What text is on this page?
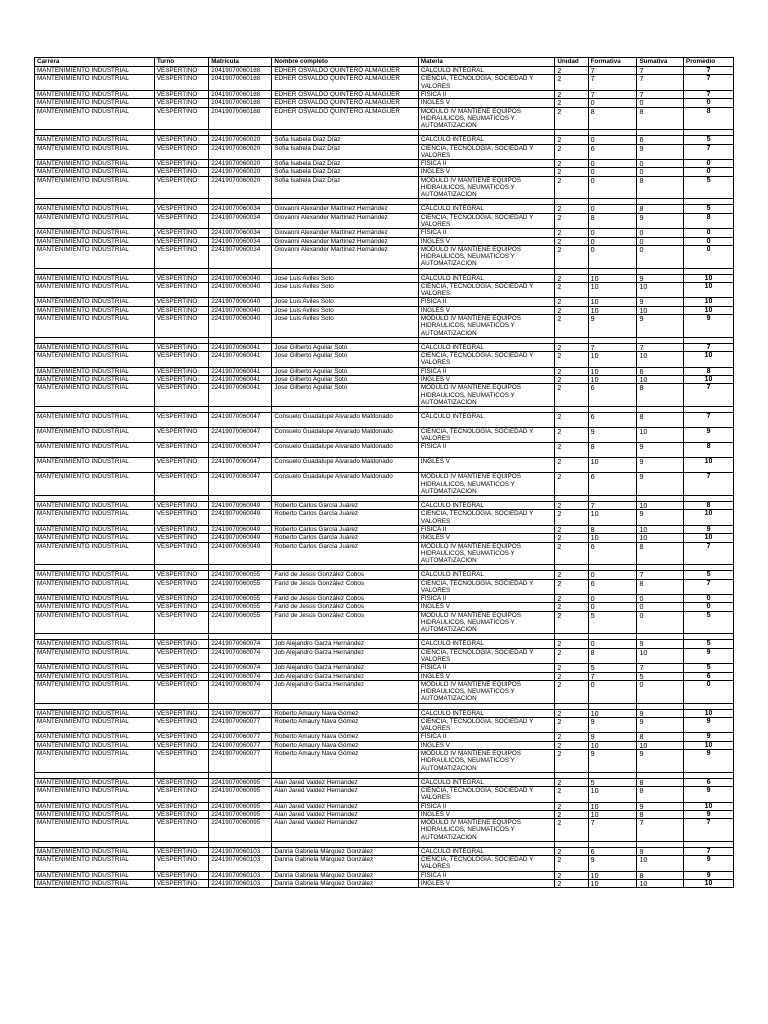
Carrera	Turno	Matrícula	Nombre completo	Materia	Unidad	Formativa	Sumativa	Promedio
MANTENIMIENTO INDUSTRIAL	VESPERTINO	20419070060188	EDHER OSVALDO QUINTERO ALMAGUER	CÁLCULO INTEGRAL	2	7	7	7
MANTENIMIENTO INDUSTRIAL	VESPERTINO	20419070060188	EDHER OSVALDO QUINTERO ALMAGUER	CIENCIA, TECNOLOGÍA, SOCIEDAD Y VALORES	2	7	7	7
MANTENIMIENTO INDUSTRIAL	VESPERTINO	20419070060188	EDHER OSVALDO QUINTERO ALMAGUER	FÍSICA II	2	7	7	7
MANTENIMIENTO INDUSTRIAL	VESPERTINO	20419070060188	EDHER OSVALDO QUINTERO ALMAGUER	INGLÉS V	2	0	0	0
MANTENIMIENTO INDUSTRIAL	VESPERTINO	20419070060188	EDHER OSVALDO QUINTERO ALMAGUER	MODULO IV MANTIENE EQUIPOS HIDRAULICOS, NEUMATICOS Y AUTOMATIZACION	2	8	8	8

MANTENIMIENTO INDUSTRIAL	VESPERTINO	22419070060020	Sofia Isabela Díaz Díaz	CÁLCULO INTEGRAL	2	0	6	5
MANTENIMIENTO INDUSTRIAL	VESPERTINO	22419070060020	Sofia Isabela Díaz Díaz	CIENCIA, TECNOLOGÍA, SOCIEDAD Y VALORES	2	6	9	7
MANTENIMIENTO INDUSTRIAL	VESPERTINO	22419070060020	Sofia Isabela Díaz Díaz	FÍSICA II	2	0	0	0
MANTENIMIENTO INDUSTRIAL	VESPERTINO	22419070060020	Sofia Isabela Díaz Díaz	INGLÉS V	2	0	0	0
MANTENIMIENTO INDUSTRIAL	VESPERTINO	22419070060020	Sofia Isabela Díaz Díaz	MODULO IV MANTIENE EQUIPOS HIDRAULICOS, NEUMATICOS Y AUTOMATIZACION	2	0	8	5

MANTENIMIENTO INDUSTRIAL	VESPERTINO	22419070060034	Giovanni Alexander Martínez Hernández	CÁLCULO INTEGRAL	2	0	8	5
MANTENIMIENTO INDUSTRIAL	VESPERTINO	22419070060034	Giovanni Alexander Martínez Hernández	CIENCIA, TECNOLOGÍA, SOCIEDAD Y VALORES	2	8	9	8
MANTENIMIENTO INDUSTRIAL	VESPERTINO	22419070060034	Giovanni Alexander Martínez Hernández	FÍSICA II	2	0	0	0
MANTENIMIENTO INDUSTRIAL	VESPERTINO	22419070060034	Giovanni Alexander Martínez Hernández	INGLÉS V	2	0	0	0
MANTENIMIENTO INDUSTRIAL	VESPERTINO	22419070060034	Giovanni Alexander Martínez Hernández	MODULO IV MANTIENE EQUIPOS HIDRAULICOS, NEUMATICOS Y AUTOMATIZACION	2	0	0	0

MANTENIMIENTO INDUSTRIAL	VESPERTINO	22419070060040	Jose Luis Aviles Soto	CÁLCULO INTEGRAL	2	10	9	10
MANTENIMIENTO INDUSTRIAL	VESPERTINO	22419070060040	Jose Luis Aviles Soto	CIENCIA, TECNOLOGÍA, SOCIEDAD Y VALORES	2	10	10	10
MANTENIMIENTO INDUSTRIAL	VESPERTINO	22419070060040	Jose Luis Aviles Soto	FÍSICA II	2	10	9	10
MANTENIMIENTO INDUSTRIAL	VESPERTINO	22419070060040	Jose Luis Aviles Soto	INGLÉS V	2	10	10	10
MANTENIMIENTO INDUSTRIAL	VESPERTINO	22419070060040	Jose Luis Aviles Soto	MODULO IV MANTIENE EQUIPOS HIDRAULICOS, NEUMATICOS Y AUTOMATIZACION	2	9	9	9

MANTENIMIENTO INDUSTRIAL	VESPERTINO	22419070060041	Jose Gilberto Aguilar Soto	CÁLCULO INTEGRAL	2	7	7	7
MANTENIMIENTO INDUSTRIAL	VESPERTINO	22419070060041	Jose Gilberto Aguilar Soto	CIENCIA, TECNOLOGÍA, SOCIEDAD Y VALORES	2	10	10	10
MANTENIMIENTO INDUSTRIAL	VESPERTINO	22419070060041	Jose Gilberto Aguilar Soto	FÍSICA II	2	10	6	8
MANTENIMIENTO INDUSTRIAL	VESPERTINO	22419070060041	Jose Gilberto Aguilar Soto	INGLÉS V	2	10	10	10
MANTENIMIENTO INDUSTRIAL	VESPERTINO	22419070060041	Jose Gilberto Aguilar Soto	MODULO IV MANTIENE EQUIPOS HIDRAULICOS, NEUMATICOS Y AUTOMATIZACION	2	6	8	7

MANTENIMIENTO INDUSTRIAL	VESPERTINO	22419070060047	Consuelo Guadalupe Alvarado Maldonado	CÁLCULO INTEGRAL	2	6	8	7
MANTENIMIENTO INDUSTRIAL	VESPERTINO	22419070060047	Consuelo Guadalupe Alvarado Maldonado	CIENCIA, TECNOLOGÍA, SOCIEDAD Y VALORES	2	9	10	9
MANTENIMIENTO INDUSTRIAL	VESPERTINO	22419070060047	Consuelo Guadalupe Alvarado Maldonado	FÍSICA II	2	8	9	8
MANTENIMIENTO INDUSTRIAL	VESPERTINO	22419070060047	Consuelo Guadalupe Alvarado Maldonado	INGLÉS V	2	10	9	10
MANTENIMIENTO INDUSTRIAL	VESPERTINO	22419070060047	Consuelo Guadalupe Alvarado Maldonado	MODULO IV MANTIENE EQUIPOS HIDRAULICOS, NEUMATICOS Y AUTOMATIZACION	2	6	9	7

MANTENIMIENTO INDUSTRIAL	VESPERTINO	22419070060049	Roberto Carlos García Juárez	CÁLCULO INTEGRAL	2	7	10	8
MANTENIMIENTO INDUSTRIAL	VESPERTINO	22419070060049	Roberto Carlos García Juárez	CIENCIA, TECNOLOGÍA, SOCIEDAD Y VALORES	2	10	9	10
MANTENIMIENTO INDUSTRIAL	VESPERTINO	22419070060049	Roberto Carlos García Juárez	FÍSICA II	2	8	10	9
MANTENIMIENTO INDUSTRIAL	VESPERTINO	22419070060049	Roberto Carlos García Juárez	INGLÉS V	2	10	10	10
MANTENIMIENTO INDUSTRIAL	VESPERTINO	22419070060049	Roberto Carlos García Juárez	MODULO IV MANTIENE EQUIPOS HIDRAULICOS, NEUMATICOS Y AUTOMATIZACION	2	6	8	7

MANTENIMIENTO INDUSTRIAL	VESPERTINO	22419070060055	Farid de Jesús González Cobos	CÁLCULO INTEGRAL	2	0	7	5
MANTENIMIENTO INDUSTRIAL	VESPERTINO	22419070060055	Farid de Jesús González Cobos	CIENCIA, TECNOLOGÍA, SOCIEDAD Y VALORES	2	6	8	7
MANTENIMIENTO INDUSTRIAL	VESPERTINO	22419070060055	Farid de Jesús González Cobos	FÍSICA II	2	0	0	0
MANTENIMIENTO INDUSTRIAL	VESPERTINO	22419070060055	Farid de Jesús González Cobos	INGLÉS V	2	0	0	0
MANTENIMIENTO INDUSTRIAL	VESPERTINO	22419070060055	Farid de Jesús González Cobos	MODULO IV MANTIENE EQUIPOS HIDRAULICOS, NEUMATICOS Y AUTOMATIZACION	2	5	0	5

MANTENIMIENTO INDUSTRIAL	VESPERTINO	22419070060074	Job Alejandro Garza Hernández	CÁLCULO INTEGRAL	2	0	9	5
MANTENIMIENTO INDUSTRIAL	VESPERTINO	22419070060074	Job Alejandro Garza Hernández	CIENCIA, TECNOLOGÍA, SOCIEDAD Y VALORES	2	8	10	9
MANTENIMIENTO INDUSTRIAL	VESPERTINO	22419070060074	Job Alejandro Garza Hernández	FÍSICA II	2	5	7	5
MANTENIMIENTO INDUSTRIAL	VESPERTINO	22419070060074	Job Alejandro Garza Hernández	INGLÉS V	2	7	5	6
MANTENIMIENTO INDUSTRIAL	VESPERTINO	22419070060074	Job Alejandro Garza Hernández	MODULO IV MANTIENE EQUIPOS HIDRAULICOS, NEUMATICOS Y AUTOMATIZACION	2	0	0	0

MANTENIMIENTO INDUSTRIAL	VESPERTINO	22419070060077	Roberto Amaury Nava Gómez	CÁLCULO INTEGRAL	2	10	9	10
MANTENIMIENTO INDUSTRIAL	VESPERTINO	22419070060077	Roberto Amaury Nava Gómez	CIENCIA, TECNOLOGÍA, SOCIEDAD Y VALORES	2	9	9	9
MANTENIMIENTO INDUSTRIAL	VESPERTINO	22419070060077	Roberto Amaury Nava Gómez	FÍSICA II	2	9	8	9
MANTENIMIENTO INDUSTRIAL	VESPERTINO	22419070060077	Roberto Amaury Nava Gómez	INGLÉS V	2	10	10	10
MANTENIMIENTO INDUSTRIAL	VESPERTINO	22419070060077	Roberto Amaury Nava Gómez	MODULO IV MANTIENE EQUIPOS HIDRAULICOS, NEUMATICOS Y AUTOMATIZACION	2	9	9	9

MANTENIMIENTO INDUSTRIAL	VESPERTINO	22419070060095	Alan Jared Valdez Hernández	CÁLCULO INTEGRAL	2	5	8	6
MANTENIMIENTO INDUSTRIAL	VESPERTINO	22419070060095	Alan Jared Valdez Hernández	CIENCIA, TECNOLOGÍA, SOCIEDAD Y VALORES	2	10	8	9
MANTENIMIENTO INDUSTRIAL	VESPERTINO	22419070060095	Alan Jared Valdez Hernández	FÍSICA II	2	10	9	10
MANTENIMIENTO INDUSTRIAL	VESPERTINO	22419070060095	Alan Jared Valdez Hernández	INGLÉS V	2	10	8	9
MANTENIMIENTO INDUSTRIAL	VESPERTINO	22419070060095	Alan Jared Valdez Hernández	MODULO IV MANTIENE EQUIPOS HIDRAULICOS, NEUMATICOS Y AUTOMATIZACION	2	7	7	7

MANTENIMIENTO INDUSTRIAL	VESPERTINO	22419070060103	Danna Gabriela Márquez González	CÁLCULO INTEGRAL	2	6	9	7
MANTENIMIENTO INDUSTRIAL	VESPERTINO	22419070060103	Danna Gabriela Márquez González	CIENCIA, TECNOLOGÍA, SOCIEDAD Y VALORES	2	9	10	9
MANTENIMIENTO INDUSTRIAL	VESPERTINO	22419070060103	Danna Gabriela Márquez González	FÍSICA II	2	10	8	9
MANTENIMIENTO INDUSTRIAL	VESPERTINO	22419070060103	Danna Gabriela Márquez González	INGLÉS V	2	10	10	10
